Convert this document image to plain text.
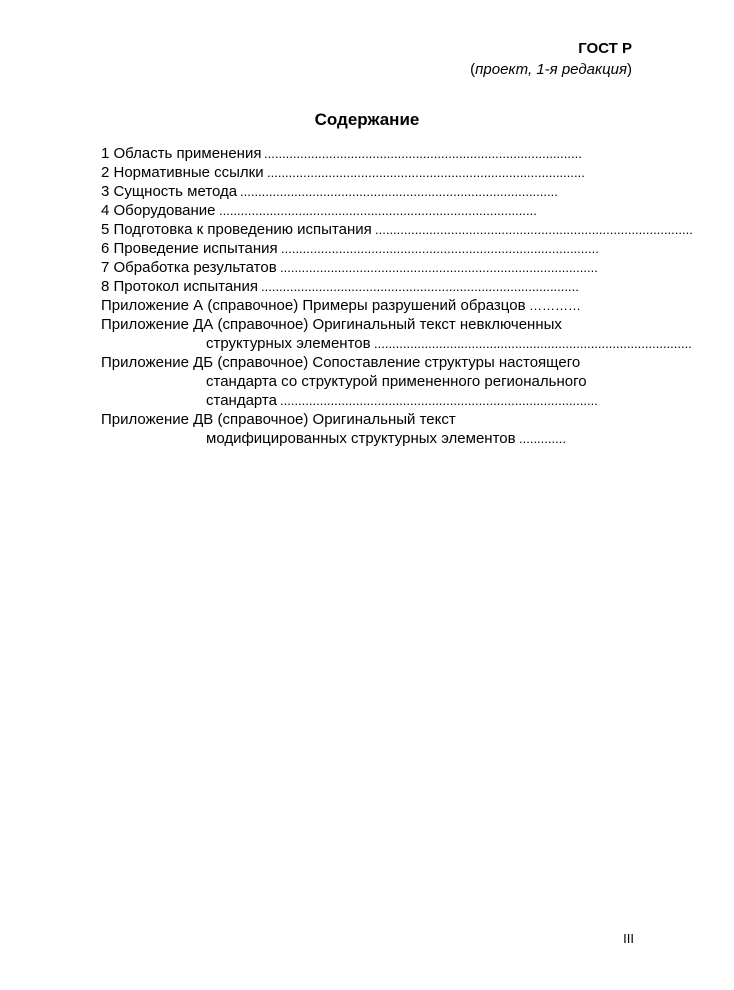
ГОСТ Р
(проект, 1-я редакция)
Содержание
1 Область применения ........................................................................................
2 Нормативные ссылки ........................................................................................
3 Сущность метода ........................................................................................
4 Оборудование ........................................................................................
5 Подготовка к проведению испытания ........................................................................................
6 Проведение испытания ........................................................................................
7 Обработка результатов ........................................................................................
8 Протокол испытания ........................................................................................
Приложение А (справочное) Примеры разрушений образцов …………
Приложение ДА (справочное) Оригинальный текст невключенных
структурных элементов ........................................................................................
Приложение ДБ (справочное) Сопоставление структуры настоящего
стандарта со структурой примененного регионального
стандарта ........................................................................................
Приложение ДВ (справочное) Оригинальный текст
модифицированных структурных элементов .............
III
